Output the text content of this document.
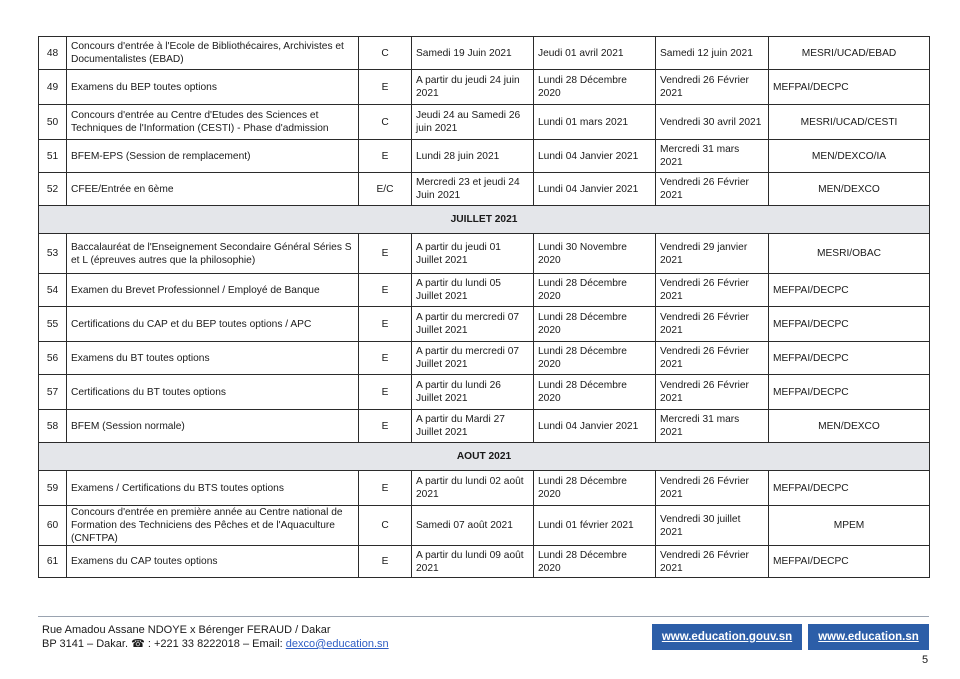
48	Concours d'entrée à l'Ecole de Bibliothécaires, Archivistes et Documentalistes (EBAD)	C	Samedi 19 Juin 2021	Jeudi 01 avril 2021	Samedi 12 juin 2021	MESRI/UCAD/EBAD
49	Examens du BEP toutes options	E	A partir du jeudi 24 juin 2021	Lundi 28 Décembre 2020	Vendredi 26 Février 2021	MEFPAI/DECPC
50	Concours d'entrée au Centre d'Etudes des Sciences et Techniques de l'Information (CESTI) - Phase d'admission	C	Jeudi 24 au Samedi 26 juin 2021	Lundi 01 mars 2021	Vendredi 30 avril 2021	MESRI/UCAD/CESTI
51	BFEM-EPS (Session de remplacement)	E	Lundi 28 juin 2021	Lundi 04 Janvier 2021	Mercredi 31 mars 2021	MEN/DEXCO/IA
52	CFEE/Entrée en 6ème	E/C	Mercredi 23 et jeudi 24 Juin 2021	Lundi 04 Janvier 2021	Vendredi 26 Février 2021	MEN/DEXCO
JUILLET 2021						
53	Baccalauréat de l'Enseignement Secondaire Général Séries S et L (épreuves autres que la philosophie)	E	A partir du jeudi 01 Juillet 2021	Lundi 30 Novembre 2020	Vendredi 29 janvier 2021	MESRI/OBAC
54	Examen du Brevet Professionnel / Employé de Banque	E	A partir du lundi 05 Juillet 2021	Lundi 28 Décembre 2020	Vendredi 26 Février 2021	MEFPAI/DECPC
55	Certifications du CAP et du BEP toutes options / APC	E	A partir du mercredi 07 Juillet 2021	Lundi 28 Décembre 2020	Vendredi 26 Février 2021	MEFPAI/DECPC
56	Examens du BT toutes options	E	A partir du mercredi 07 Juillet 2021	Lundi 28 Décembre 2020	Vendredi 26 Février 2021	MEFPAI/DECPC
57	Certifications du BT toutes options	E	A partir du lundi 26 Juillet 2021	Lundi 28 Décembre 2020	Vendredi 26 Février 2021	MEFPAI/DECPC
58	BFEM (Session normale)	E	A partir du Mardi 27 Juillet 2021	Lundi 04 Janvier 2021	Mercredi 31 mars 2021	MEN/DEXCO
AOUT 2021						
59	Examens / Certifications du BTS toutes options	E	A partir du lundi 02 août 2021	Lundi 28 Décembre 2020	Vendredi 26 Février 2021	MEFPAI/DECPC
60	Concours d'entrée en première année au Centre national de Formation des Techniciens des Pêches et de l'Aquaculture (CNFTPA)	C	Samedi 07 août 2021	Lundi 01 février 2021	Vendredi 30 juillet 2021	MPEM
61	Examens du CAP toutes options	E	A partir du lundi 09 août 2021	Lundi 28 Décembre 2020	Vendredi 26 Février 2021	MEFPAI/DECPC
Rue Amadou Assane NDOYE x Bérenger FERAUD / Dakar
BP 3141 – Dakar. ☎ : +221 33 8222018 – Email: dexco@education.sn
www.education.gouv.sn	www.education.sn
5
